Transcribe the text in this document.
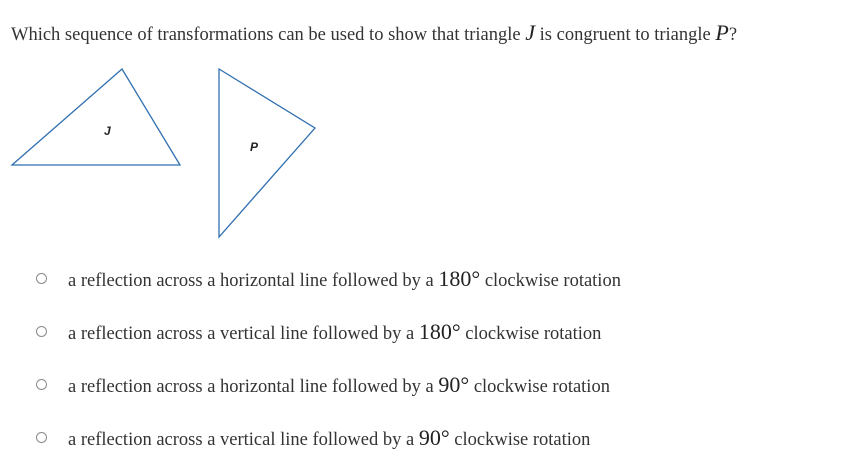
Which sequence of transformations can be used to show that triangle J is congruent to triangle P?
J
P
a reflection across a horizontal line followed by a 180° clockwise rotation
a reflection across a vertical line followed by a 180° clockwise rotation
a reflection across a horizontal line followed by a 90° clockwise rotation
a reflection across a vertical line followed by a 90° clockwise rotation
